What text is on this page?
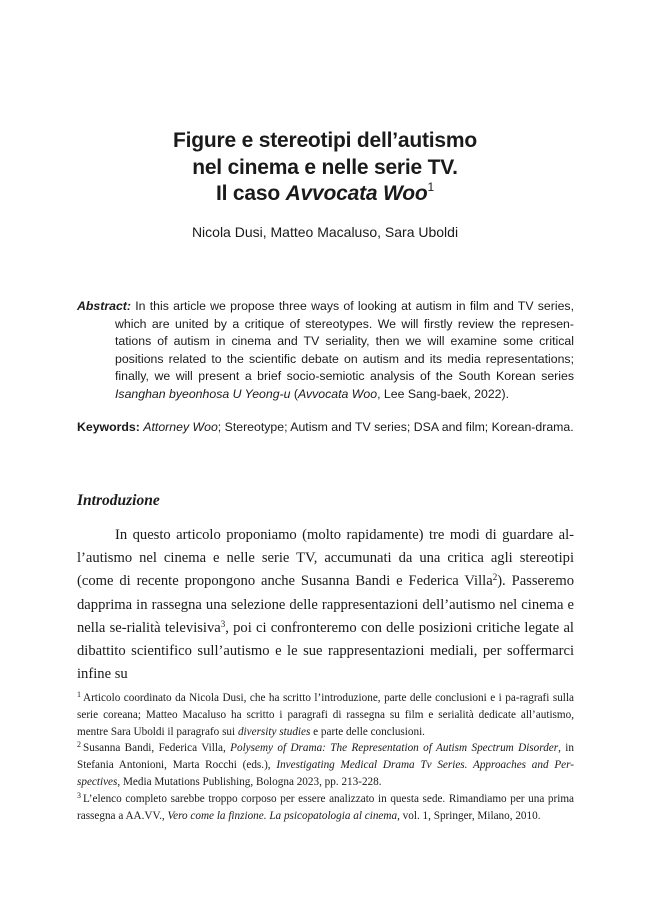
Figure e stereotipi dell’autismo
nel cinema e nelle serie TV.
Il caso Avvocata Woo$^1$
Nicola Dusi, Matteo Macaluso, Sara Uboldi
Abstract: In this article we propose three ways of looking at autism in film and TV series, which are united by a critique of stereotypes. We will firstly review the represen-tations of autism in cinema and TV seriality, then we will examine some critical positions related to the scientific debate on autism and its media representations; finally, we will present a brief socio-semiotic analysis of the South Korean series Isanghan byeonhosa U Yeong-u (Avvocata Woo, Lee Sang-baek, 2022).
Keywords: Attorney Woo; Stereotype; Autism and TV series; DSA and film; Korean-drama.
Introduzione
In questo articolo proponiamo (molto rapidamente) tre modi di guardare al-l’autismo nel cinema e nelle serie TV, accumunati da una critica agli stereotipi (come di recente propongono anche Susanna Bandi e Federica Villa$^2$). Passeremo dapprima in rassegna una selezione delle rappresentazioni dell’autismo nel cinema e nella se-rialità televisiva$^3$, poi ci confronteremo con delle posizioni critiche legate al dibattito scientifico sull’autismo e le sue rappresentazioni mediali, per soffermarci infine su

$^1$ Articolo coordinato da Nicola Dusi, che ha scritto l’introduzione, parte delle conclusioni e i pa-ragrafi sulla serie coreana; Matteo Macaluso ha scritto i paragrafi di rassegna su film e serialità dedicate all’autismo, mentre Sara Uboldi il paragrafo sui diversity studies e parte delle conclusioni.

$^2$ Susanna Bandi, Federica Villa, Polysemy of Drama: The Representation of Autism Spectrum Disorder, in Stefania Antonioni, Marta Rocchi (eds.), Investigating Medical Drama Tv Series. Approaches and Per-spectives, Media Mutations Publishing, Bologna 2023, pp. 213-228.

$^3$ L’elenco completo sarebbe troppo corposo per essere analizzato in questa sede. Rimandiamo per una prima rassegna a AA.VV., Vero come la finzione. La psicopatologia al cinema, vol. 1, Springer, Milano, 2010.
